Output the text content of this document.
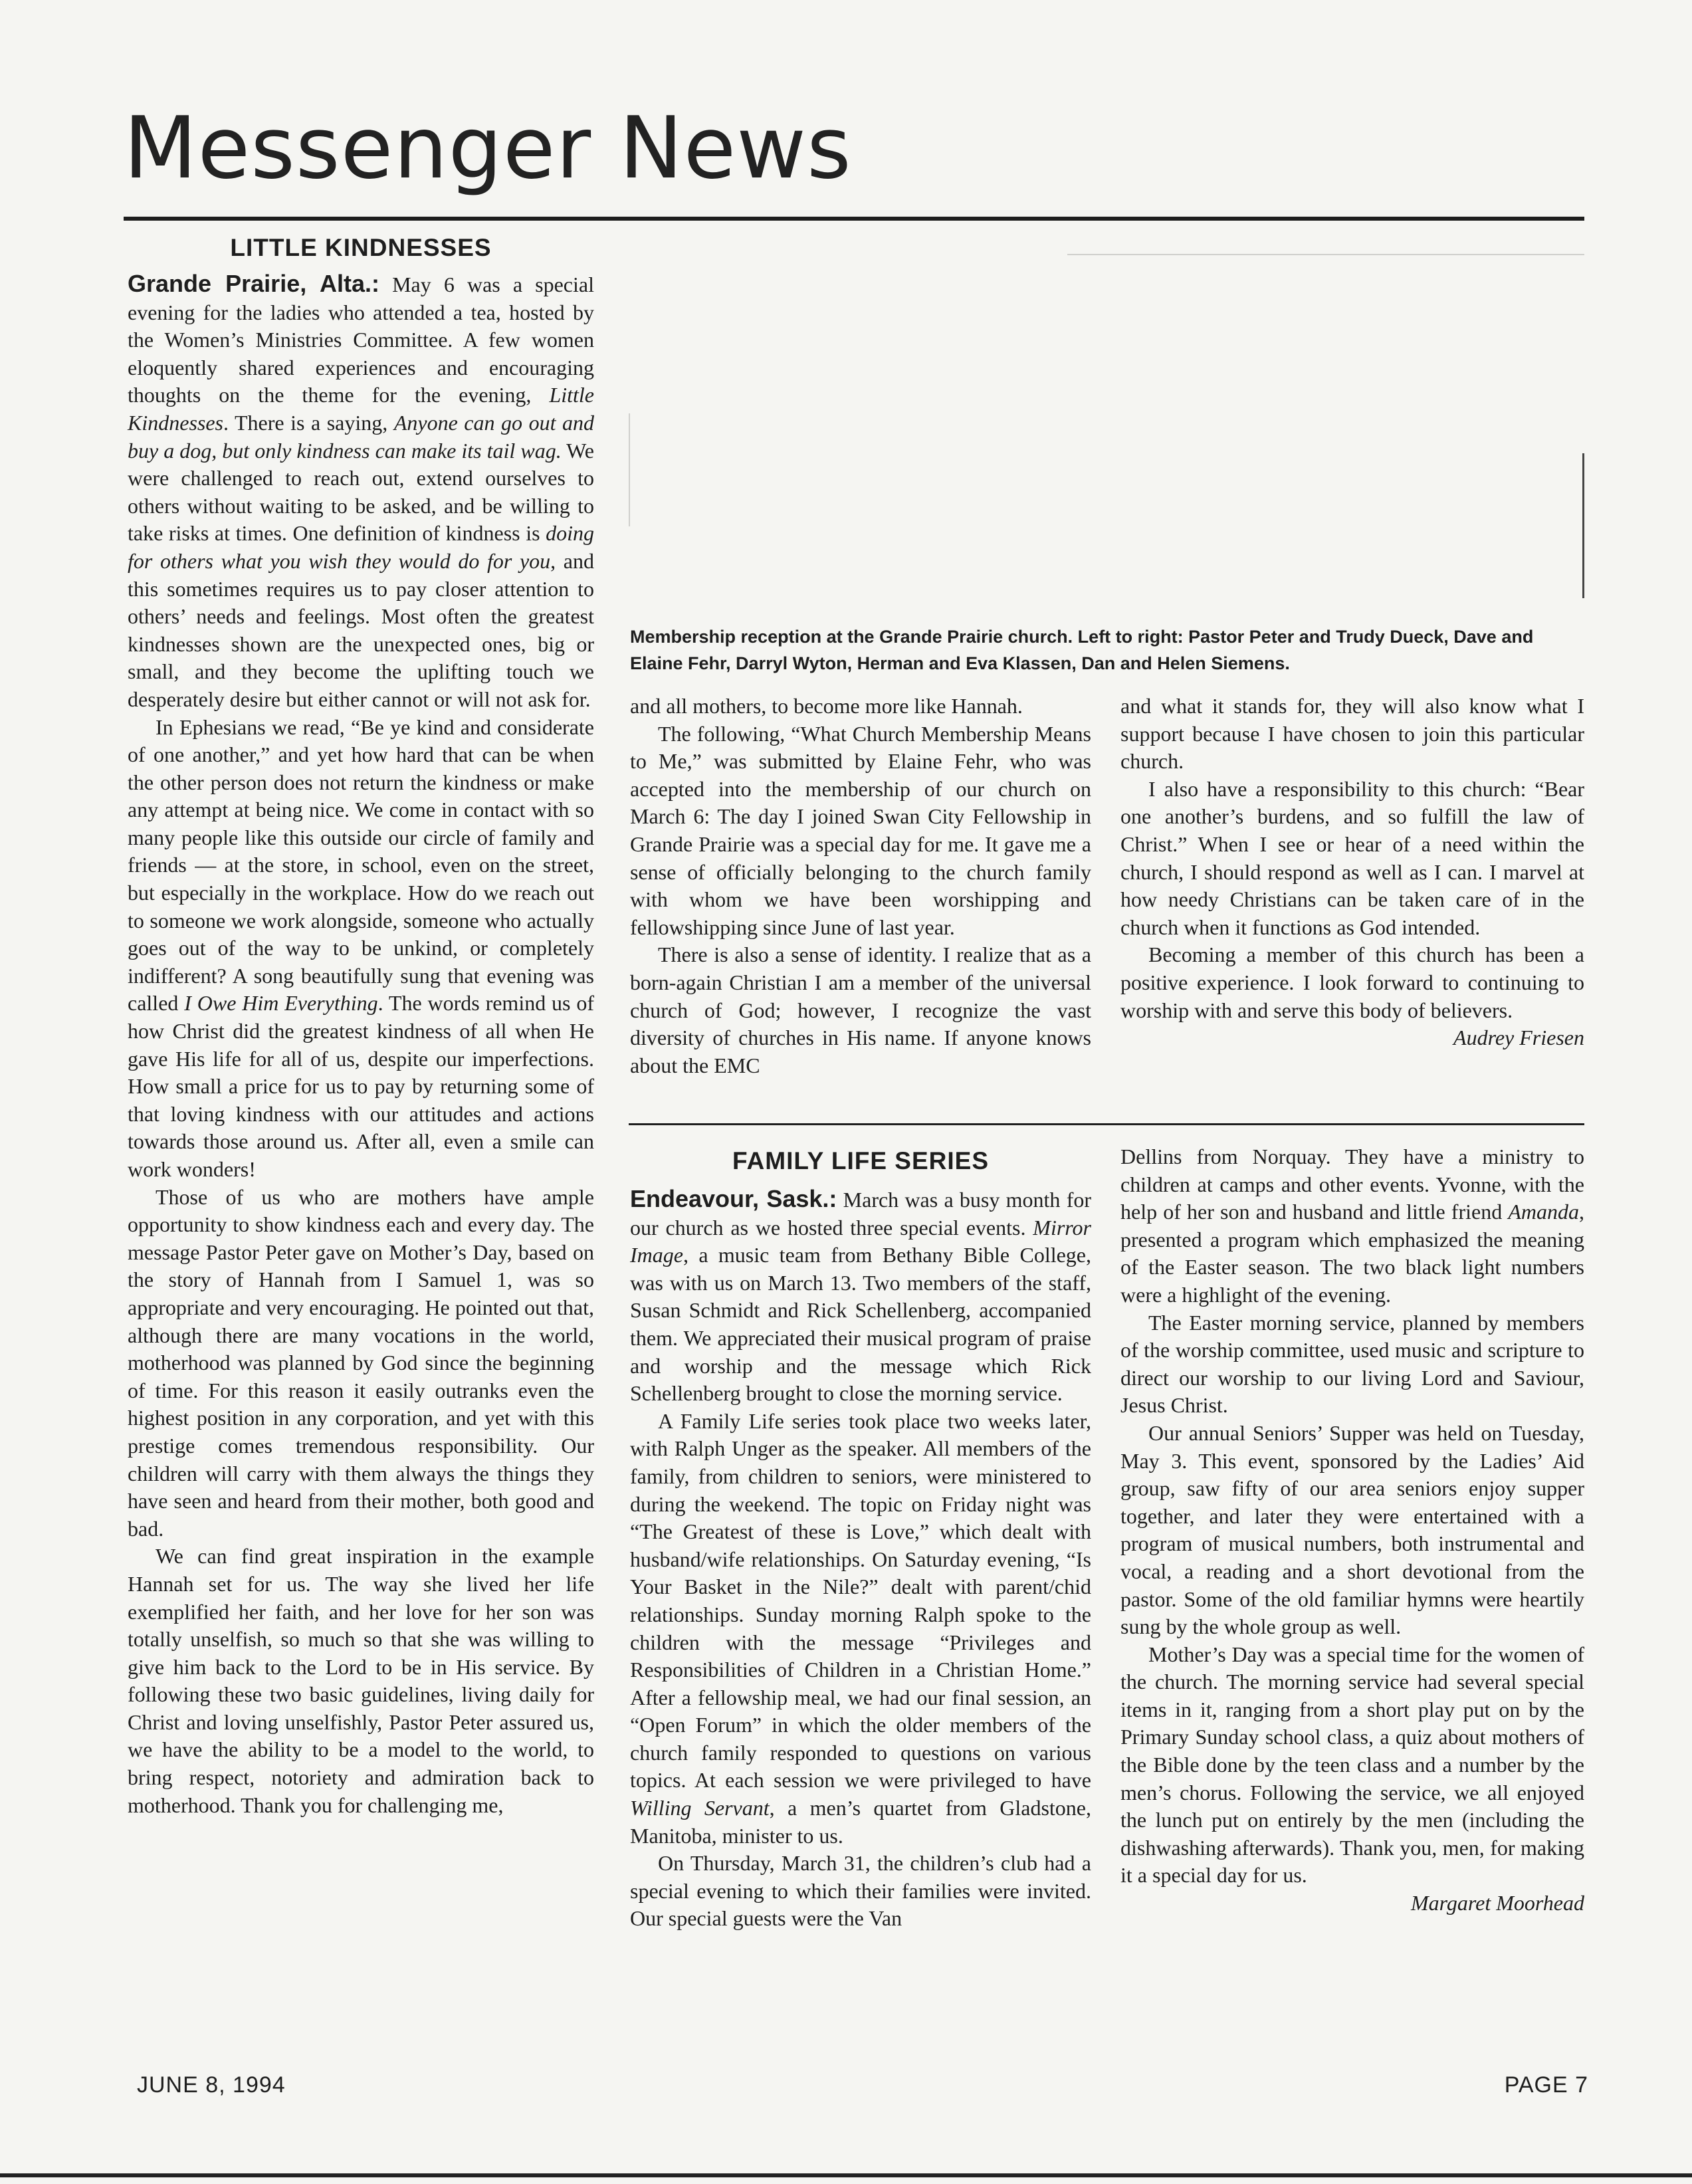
Messenger News
LITTLE KINDNESSES

Grande Prairie, Alta.: May 6 was a special evening for the ladies who attended a tea, hosted by the Women’s Ministries Committee. A few women eloquently shared experiences and encouraging thoughts on the theme for the evening, Little Kindnesses. There is a saying, Anyone can go out and buy a dog, but only kindness can make its tail wag. We were challenged to reach out, extend ourselves to others without waiting to be asked, and be willing to take risks at times. One definition of kindness is doing for others what you wish they would do for you, and this sometimes requires us to pay closer attention to others’ needs and feelings. Most often the greatest kindnesses shown are the unexpected ones, big or small, and they become the uplifting touch we desperately desire but either cannot or will not ask for.

In Ephesians we read, “Be ye kind and considerate of one another,” and yet how hard that can be when the other person does not return the kindness or make any attempt at being nice. We come in contact with so many people like this outside our circle of family and friends — at the store, in school, even on the street, but especially in the workplace. How do we reach out to someone we work alongside, someone who actually goes out of the way to be unkind, or completely indifferent? A song beautifully sung that evening was called I Owe Him Everything. The words remind us of how Christ did the greatest kindness of all when He gave His life for all of us, despite our imperfections. How small a price for us to pay by returning some of that loving kindness with our attitudes and actions towards those around us. After all, even a smile can work wonders!

Those of us who are mothers have ample opportunity to show kindness each and every day. The message Pastor Peter gave on Mother’s Day, based on the story of Hannah from I Samuel 1, was so appropriate and very encouraging. He pointed out that, although there are many vocations in the world, motherhood was planned by God since the beginning of time. For this reason it easily outranks even the highest position in any corporation, and yet with this prestige comes tremendous responsibility. Our children will carry with them always the things they have seen and heard from their mother, both good and bad.

We can find great inspiration in the example Hannah set for us. The way she lived her life exemplified her faith, and her love for her son was totally unselfish, so much so that she was willing to give him back to the Lord to be in His service. By following these two basic guidelines, living daily for Christ and loving unselfishly, Pastor Peter assured us, we have the ability to be a model to the world, to bring respect, notoriety and admiration back to motherhood. Thank you for challenging me,

Membership reception at the Grande Prairie church. Left to right: Pastor Peter and Trudy Dueck, Dave and Elaine Fehr, Darryl Wyton, Herman and Eva Klassen, Dan and Helen Siemens.

and all mothers, to become more like Hannah.

The following, “What Church Membership Means to Me,” was submitted by Elaine Fehr, who was accepted into the membership of our church on March 6: The day I joined Swan City Fellowship in Grande Prairie was a special day for me. It gave me a sense of officially belonging to the church family with whom we have been worshipping and fellowshipping since June of last year.

There is also a sense of identity. I realize that as a born-again Christian I am a member of the universal church of God; however, I recognize the vast diversity of churches in His name. If anyone knows about the EMC

and what it stands for, they will also know what I support because I have chosen to join this particular church.

I also have a responsibility to this church: “Bear one another’s burdens, and so fulfill the law of Christ.” When I see or hear of a need within the church, I should respond as well as I can. I marvel at how needy Christians can be taken care of in the church when it functions as God intended.

Becoming a member of this church has been a positive experience. I look forward to continuing to worship with and serve this body of believers.

Audrey Friesen

FAMILY LIFE SERIES

Endeavour, Sask.: March was a busy month for our church as we hosted three special events. Mirror Image, a music team from Bethany Bible College, was with us on March 13. Two members of the staff, Susan Schmidt and Rick Schellenberg, accompanied them. We appreciated their musical program of praise and worship and the message which Rick Schellenberg brought to close the morning service.

A Family Life series took place two weeks later, with Ralph Unger as the speaker. All members of the family, from children to seniors, were ministered to during the weekend. The topic on Friday night was “The Greatest of these is Love,” which dealt with husband/wife relationships. On Saturday evening, “Is Your Basket in the Nile?” dealt with parent/chid relationships. Sunday morning Ralph spoke to the children with the message “Privileges and Responsibilities of Children in a Christian Home.” After a fellowship meal, we had our final session, an “Open Forum” in which the older members of the church family responded to questions on various topics. At each session we were privileged to have Willing Servant, a men’s quartet from Gladstone, Manitoba, minister to us.

On Thursday, March 31, the children’s club had a special evening to which their families were invited. Our special guests were the Van

Dellins from Norquay. They have a ministry to children at camps and other events. Yvonne, with the help of her son and husband and little friend Amanda, presented a program which emphasized the meaning of the Easter season. The two black light numbers were a highlight of the evening.

The Easter morning service, planned by members of the worship committee, used music and scripture to direct our worship to our living Lord and Saviour, Jesus Christ.

Our annual Seniors’ Supper was held on Tuesday, May 3. This event, sponsored by the Ladies’ Aid group, saw fifty of our area seniors enjoy supper together, and later they were entertained with a program of musical numbers, both instrumental and vocal, a reading and a short devotional from the pastor. Some of the old familiar hymns were heartily sung by the whole group as well.

Mother’s Day was a special time for the women of the church. The morning service had several special items in it, ranging from a short play put on by the Primary Sunday school class, a quiz about mothers of the Bible done by the teen class and a number by the men’s chorus. Following the service, we all enjoyed the lunch put on entirely by the men (including the dishwashing afterwards). Thank you, men, for making it a special day for us.

Margaret Moorhead

JUNE 8, 1994	PAGE 7
